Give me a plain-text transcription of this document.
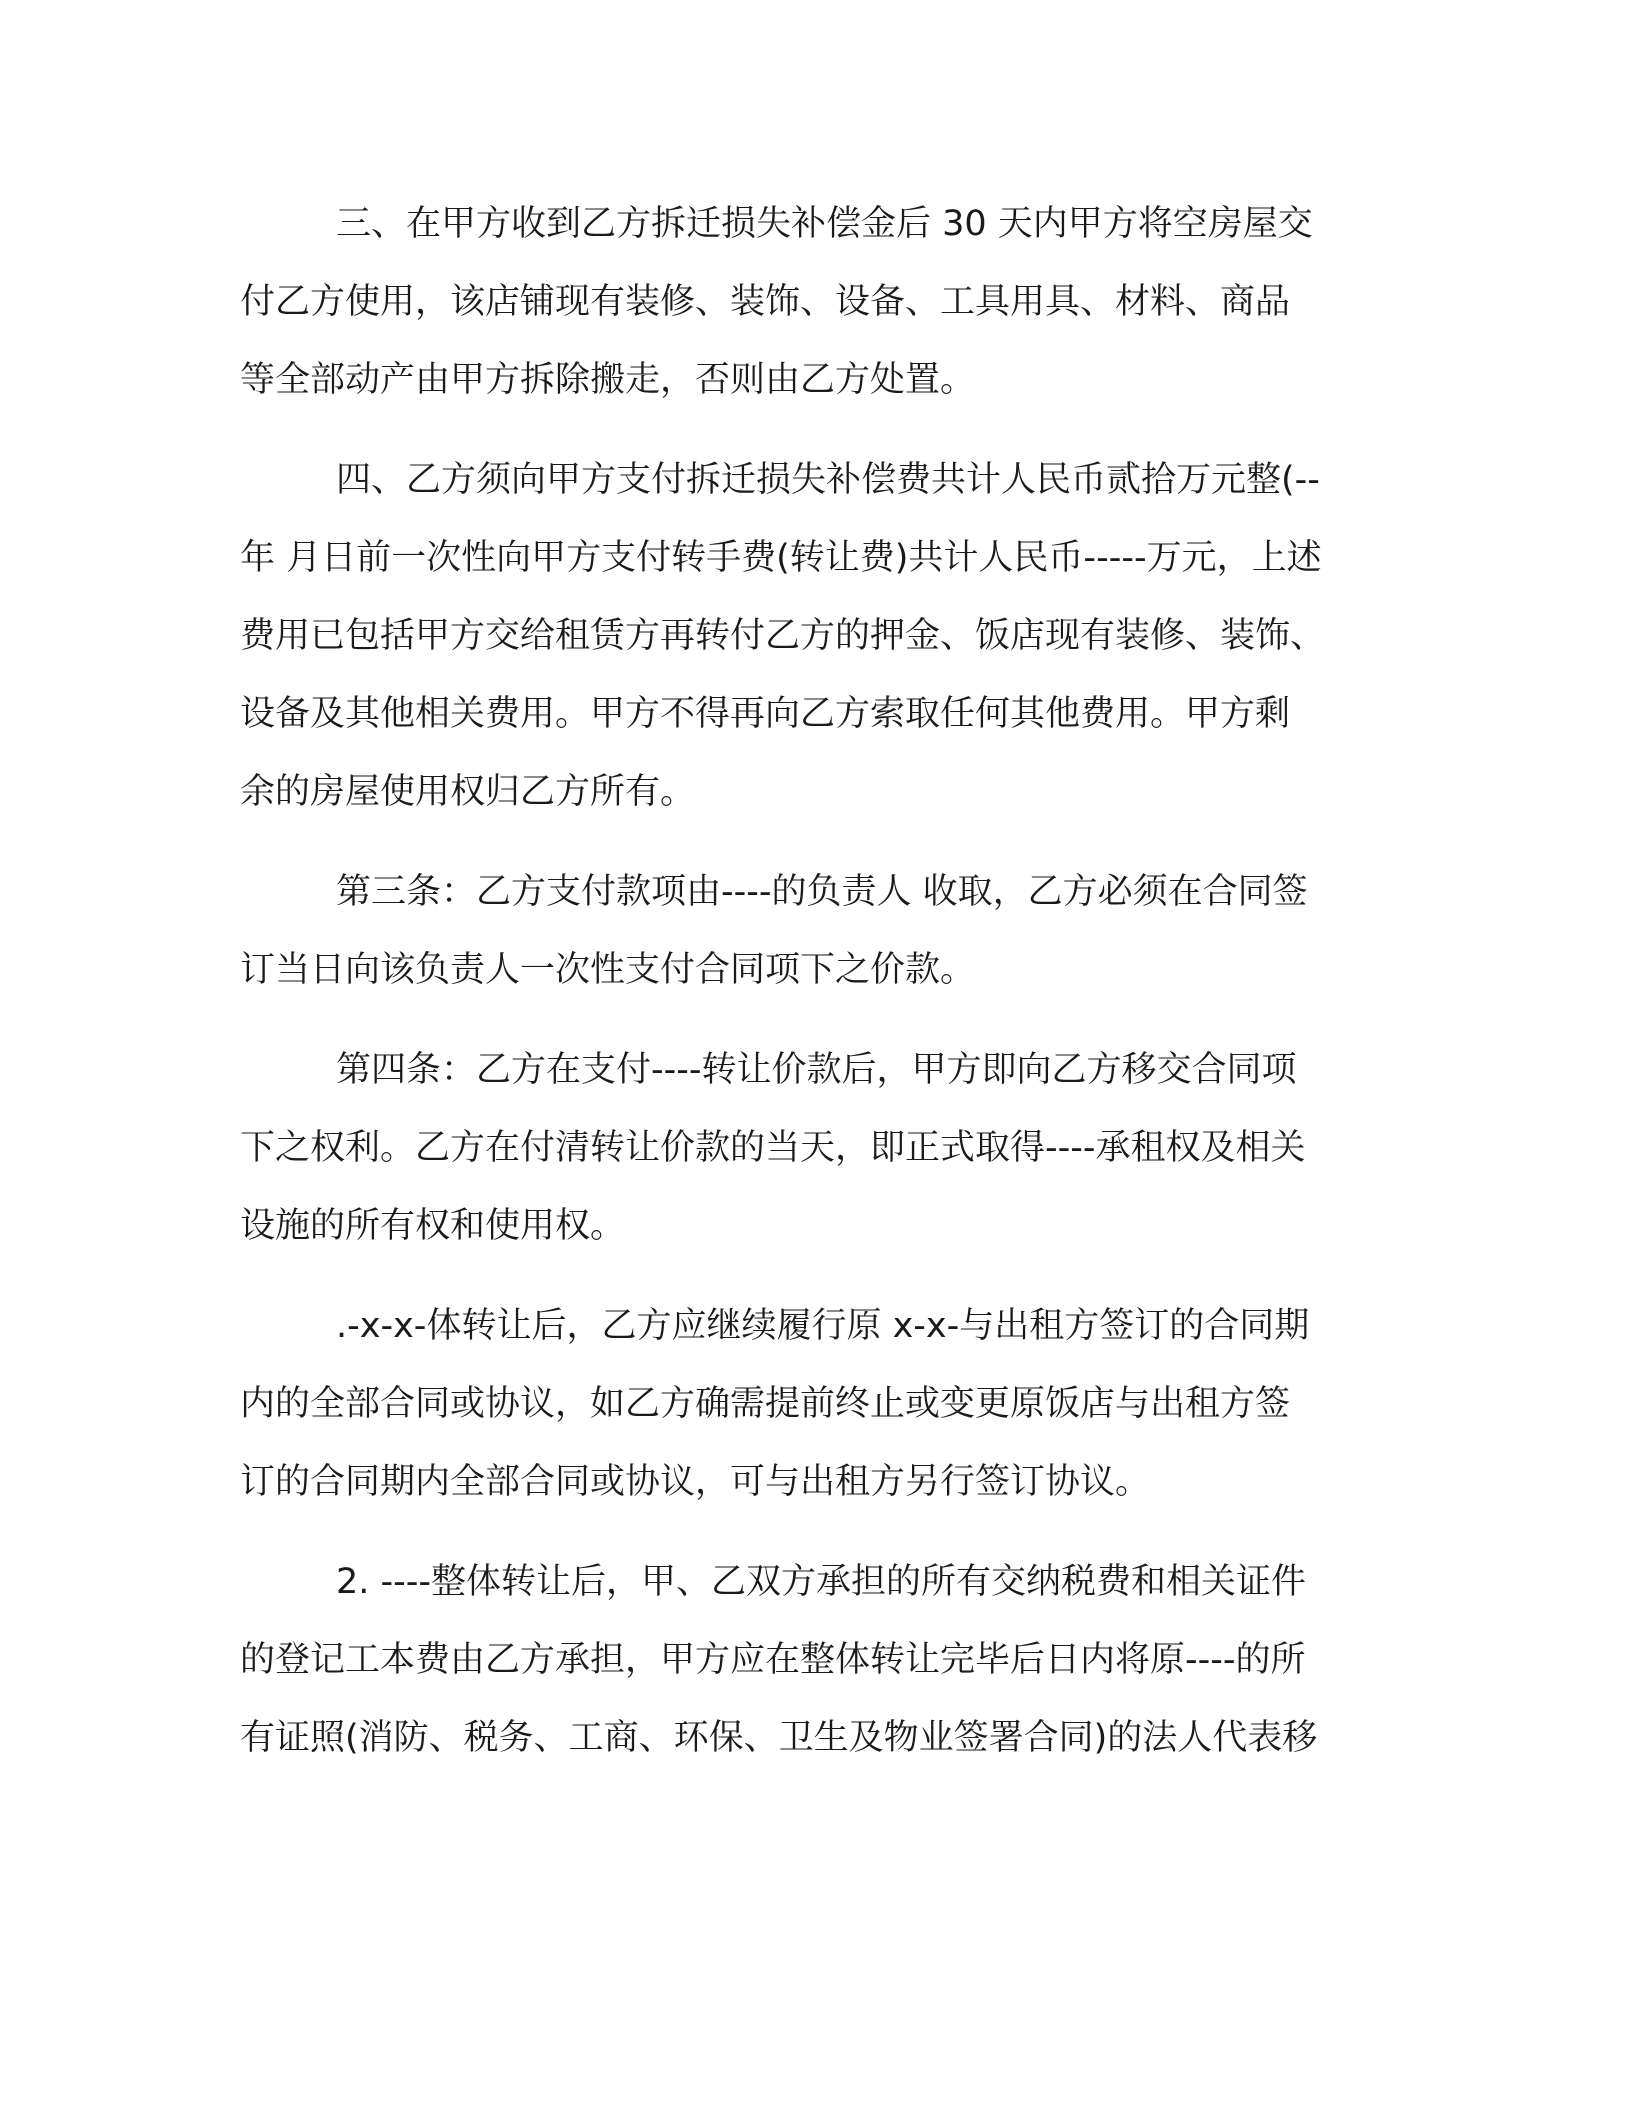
三、在甲方收到乙方拆迁损失补偿金后 30 天内甲方将空房屋交
付乙方使用，该店铺现有装修、装饰、设备、工具用具、材料、商品
等全部动产由甲方拆除搬走，否则由乙方处置。
四、乙方须向甲方支付拆迁损失补偿费共计人民币贰拾万元整(--
年 月日前一次性向甲方支付转手费(转让费)共计人民币-----万元，上述
费用已包括甲方交给租赁方再转付乙方的押金、饭店现有装修、装饰、
设备及其他相关费用。甲方不得再向乙方索取任何其他费用。甲方剩
余的房屋使用权归乙方所有。
第三条：乙方支付款项由----的负责人 收取，乙方必须在合同签
订当日向该负责人一次性支付合同项下之价款。
第四条：乙方在支付----转让价款后，甲方即向乙方移交合同项
下之权利。乙方在付清转让价款的当天，即正式取得----承租权及相关
设施的所有权和使用权。
.-x-x-体转让后，乙方应继续履行原 x-x-与出租方签订的合同期
内的全部合同或协议，如乙方确需提前终止或变更原饭店与出租方签
订的合同期内全部合同或协议，可与出租方另行签订协议。
2. ----整体转让后，甲、乙双方承担的所有交纳税费和相关证件
的登记工本费由乙方承担，甲方应在整体转让完毕后日内将原----的所
有证照(消防、税务、工商、环保、卫生及物业签署合同)的法人代表移
